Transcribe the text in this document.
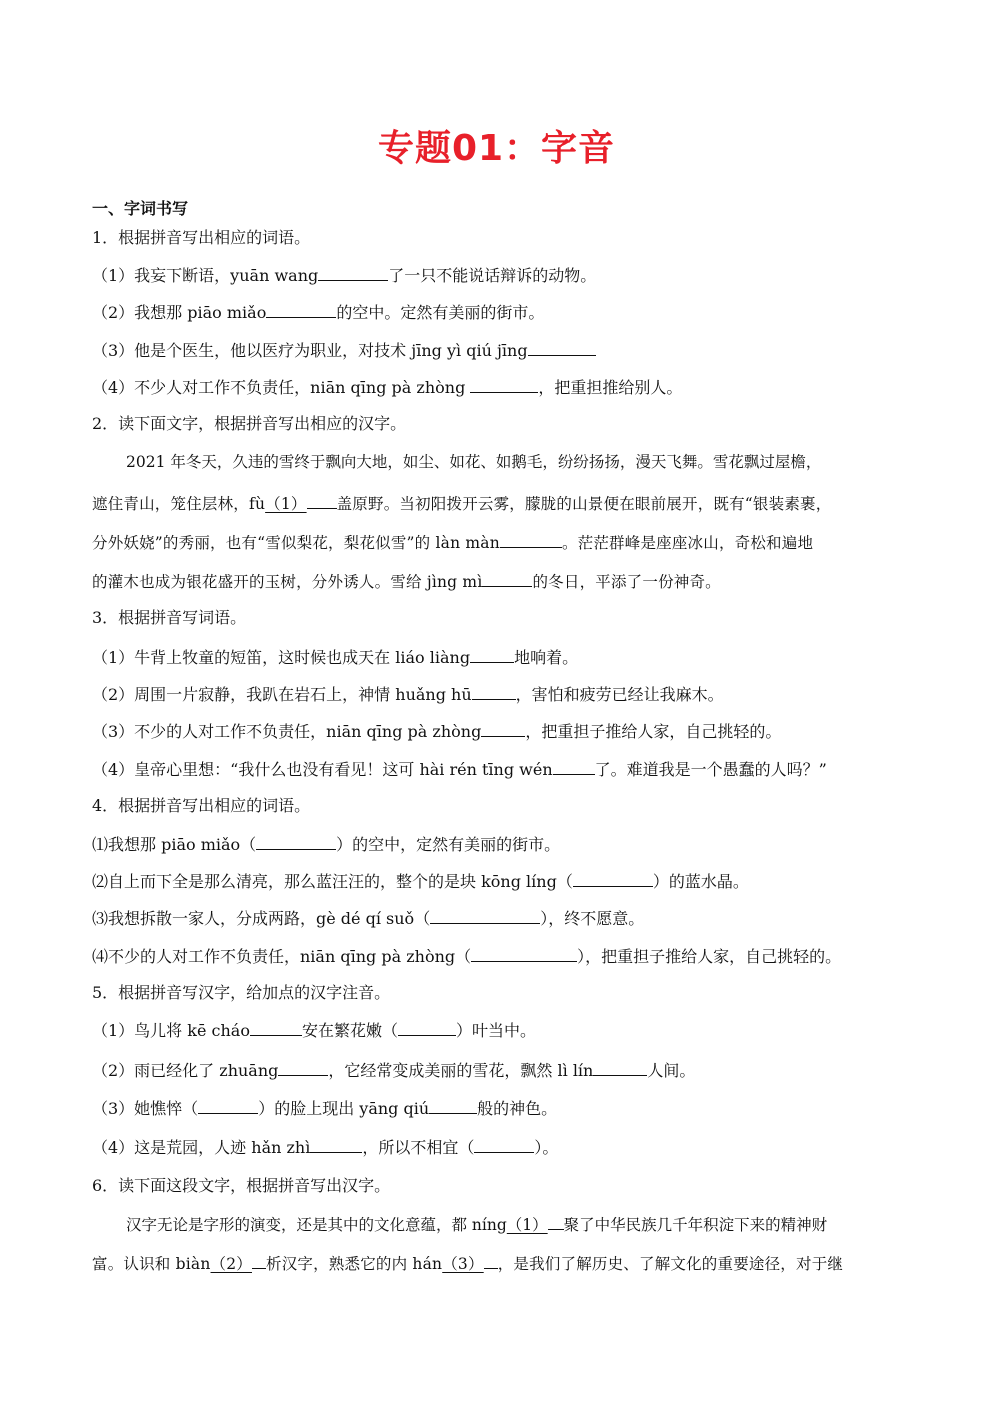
专题01：字音
一、字词书写
1．根据拼音写出相应的词语。
（1）我妄下断语，yuān wang	了一只不能说话辩诉的动物。
（2）我想那 piāo miǎo	的空中。定然有美丽的街市。
（3）他是个医生，他以医疗为职业，对技术 jīng yì qiú jīng
（4）不少人对工作不负责任，niān qīng pà zhòng	，把重担推给别人。
2．读下面文字，根据拼音写出相应的汉字。
2021 年冬天，久违的雪终于飘向大地，如尘、如花、如鹅毛，纷纷扬扬，漫天飞舞。雪花飘过屋檐，
遮住青山，笼住层林，fù（1） 盖原野。当初阳拨开云雾，朦胧的山景便在眼前展开，既有“银装素裹，
分外妖娆”的秀丽，也有“雪似梨花，梨花似雪”的 làn màn	。茫茫群峰是座座冰山，奇松和遍地
的灌木也成为银花盛开的玉树，分外诱人。雪给 jìng mì	的冬日，平添了一份神奇。
3．根据拼音写词语。
（1）牛背上牧童的短笛，这时候也成天在 liáo liàng	地响着。
（2）周围一片寂静，我趴在岩石上，神情 huǎng hū	，害怕和疲劳已经让我麻木。
（3）不少的人对工作不负责任，niān qīng pà zhòng	，把重担子推给人家，自己挑轻的。
（4）皇帝心里想：“我什么也没有看见！这可 hài rén tīng wén	了。难道我是一个愚蠢的人吗？”
4．根据拼音写出相应的词语。
⑴我想那 piāo miǎo（	）的空中，定然有美丽的街市。
⑵自上而下全是那么清亮，那么蓝汪汪的，整个的是块 kōng líng（	）的蓝水晶。
⑶我想拆散一家人，分成两路，gè dé qí suǒ（	），终不愿意。
⑷不少的人对工作不负责任，niān qīng pà zhòng（	），把重担子推给人家，自己挑轻的。
5．根据拼音写汉字，给加点的汉字注音。
（1）鸟儿将 kē cháo	安在繁花嫩（	）叶当中。
（2）雨已经化了 zhuāng	，它经常变成美丽的雪花，飘然 lì lín	人间。
（3）她憔悴（	）的脸上现出 yāng qiú	般的神色。
（4）这是荒园，人迹 hǎn zhì	，所以不相宜（	）。
6．读下面这段文字，根据拼音写出汉字。
汉字无论是字形的演变，还是其中的文化意蕴，都 níng（1） 聚了中华民族几千年积淀下来的精神财
富。认识和 biàn（2） 析汉字，熟悉它的内 hán（3） ，是我们了解历史、了解文化的重要途径，对于继
